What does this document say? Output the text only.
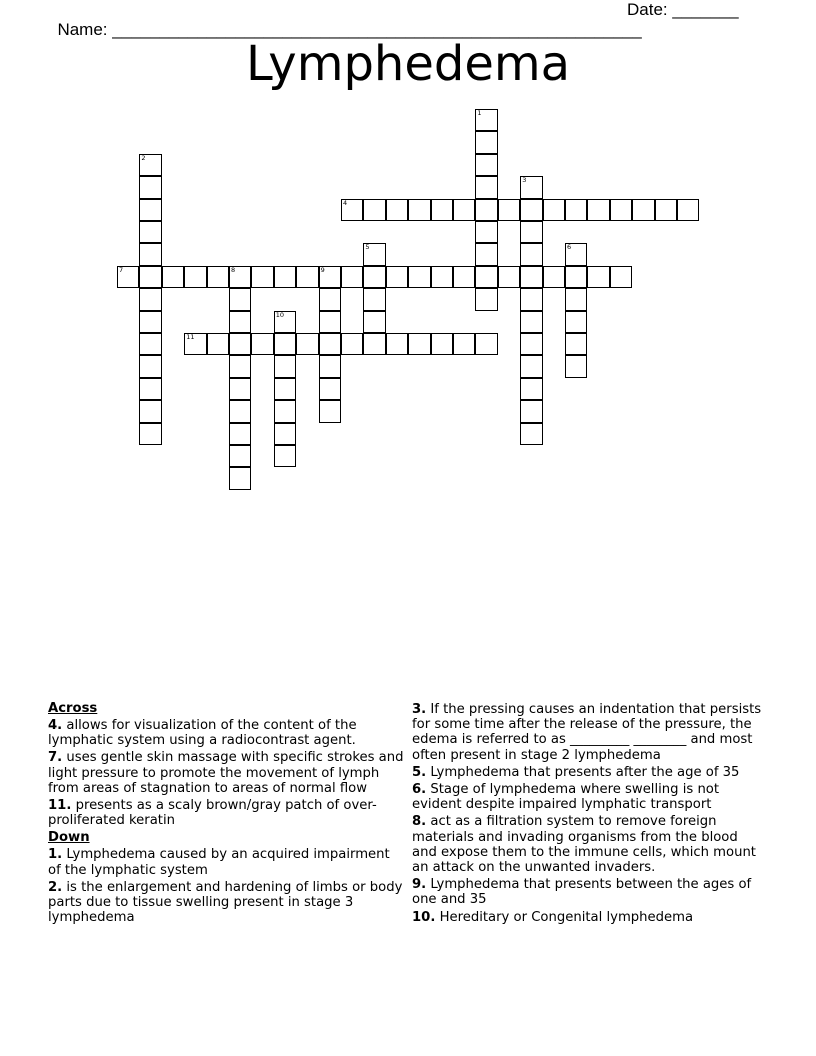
Name: ________________________________________________________

Date: _______

Lymphedema
1
2
3
4
5	6
7	8	9
10
11
Across
4. allows for visualization of the content of the lymphatic system using a radiocontrast agent.
7. uses gentle skin massage with specific strokes and light pressure to promote the movement of lymph from areas of stagnation to areas of normal flow
11. presents as a scaly brown/gray patch of over-proliferated keratin
Down
1. Lymphedema caused by an acquired impairment of the lymphatic system
2. is the enlargement and hardening of limbs or body parts due to tissue swelling present in stage 3 lymphedema
3. If the pressing causes an indentation that persists for some time after the release of the pressure, the edema is referred to as _________ ________ and most often present in stage 2 lymphedema
5. Lymphedema that presents after the age of 35
6. Stage of lymphedema where swelling is not evident despite impaired lymphatic transport
8. act as a filtration system to remove foreign materials and invading organisms from the blood and expose them to the immune cells, which mount an attack on the unwanted invaders.
9. Lymphedema that presents between the ages of one and 35
10. Hereditary or Congenital lymphedema
